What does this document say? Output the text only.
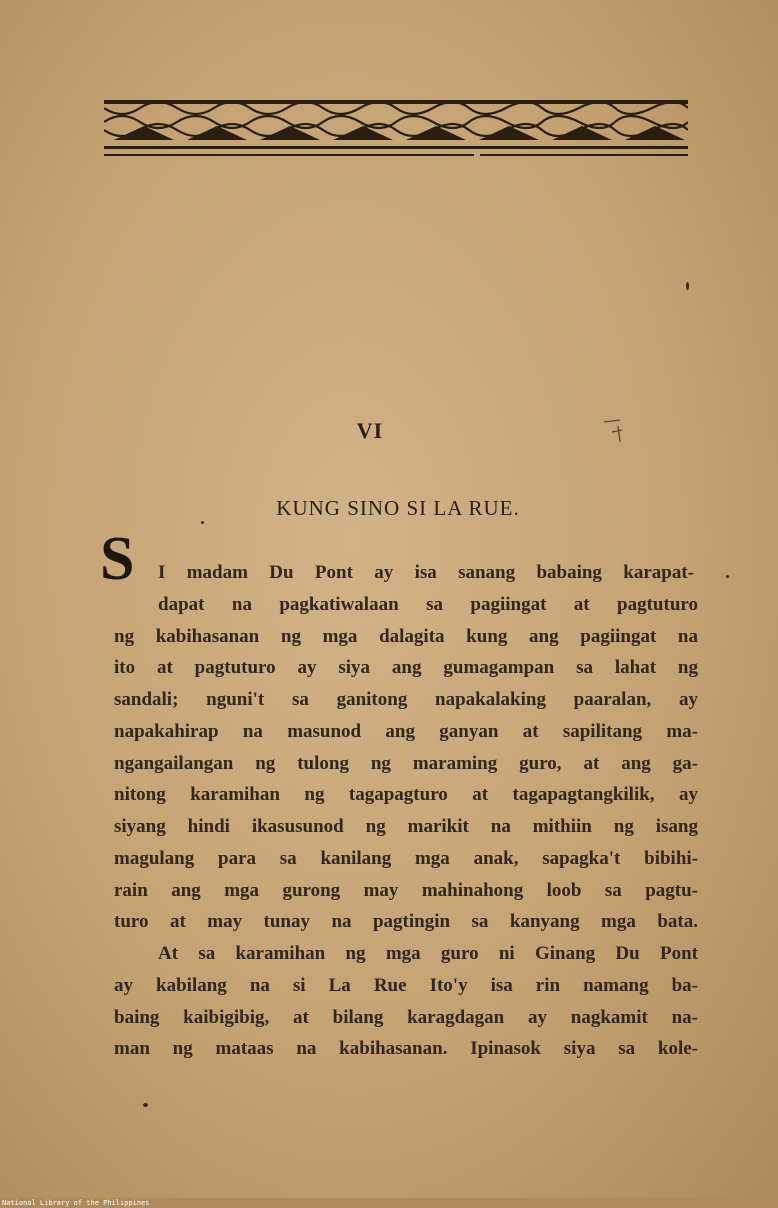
VI
KUNG SINO SI LA RUE.
S I madam Du Pont ay isa sanang babaing karapat-
dapat na pagkatiwalaan sa pagiingat at pagtuturo
ng kabihasanan ng mga dalagita kung ang pagiingat na
ito at pagtuturo ay siya ang gumagampan sa lahat ng
sandali; nguni't sa ganitong napakalaking paaralan, ay
napakahirap na masunod ang ganyan at sapilitang ma-
ngangailangan ng tulong ng maraming guro, at ang ga-
nitong karamihan ng tagapagturo at tagapagtangkilik, ay
siyang hindi ikasusunod ng marikit na mithiin ng isang
magulang para sa kanilang mga anak, sapagka't bibihi-
rain ang mga gurong may mahinahong loob sa pagtu-
turo at may tunay na pagtingin sa kanyang mga bata.
At sa karamihan ng mga guro ni Ginang Du Pont
ay kabilang na si La Rue Ito'y isa rin namang ba-
baing kaibigibig, at bilang karagdagan ay nagkamit na-
man ng mataas na kabihasanan. Ipinasok siya sa kole-
National Library of the Philippines
